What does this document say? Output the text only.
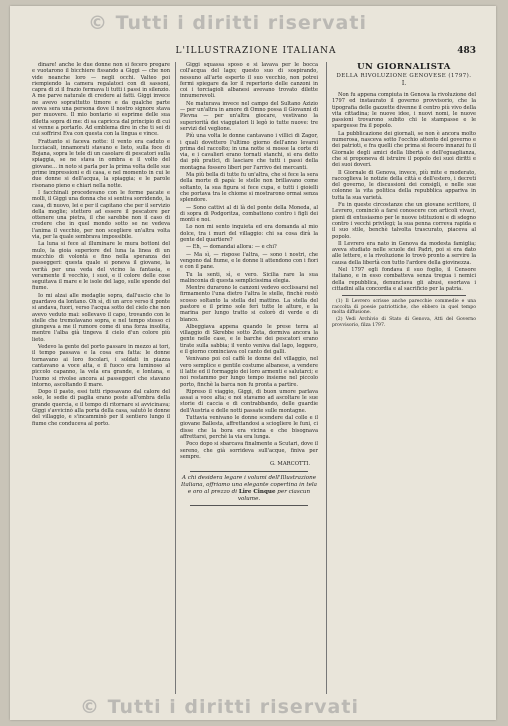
© Tutti i diritti riservati
L'ILLUSTRAZIONE ITALIANA	483

dinare! anche le due donne non si fecero pregare e vuotarono il bicchiere fissando a Giggi — che non vide neanche loro — negli occhi. Valteo poi riempiendo la camera regalatoci con di sassoni, capra di zi il frazio fermava li tutti i passi in silenzio. A me parve naturale di credere ai fatti. Giggi invece ne avevo soprattutto timore e da qualche parte aveva sera una persona dove il nostro signore stava per muovere. Il mio bontario si esprime delle sua diletta sopra di me: di sa capricca dal principio di cui si venne a portarlo. Ad emblema dire in che ti sei di cui soffrirsi Eva con questa con la lingua e vince.

Frattanto si faceva notte: il vento era caduto e lucciacali, innamorati stavano e lieto, sulla foce di Bojana, sopra le tele di un casolare di pescatori sulla spiaggia, se ne stava in ombra e il volto del giovane... in noto si parla per la prima volta delle sue prime impressioni e di casa, e nel momento in cui le due donne si dell'acqua, la spiaggia; e le parole risonano pieno e chiari nella notte.

I facchinali procedevano con le forme pacate e molli, il Giggi una donna che si sentiva sorridendo, la casa, di nuovo, lei e per il capitano che per il servizio della moglie; stettero ad essere il pescatore per ottenere una pietra, il che sarebbe non il caso di credere che in quel mondo sotto se ne vedeva l'anima il vecchio, per non scegliere un'altra volta via, per la quale sembrava impossibile.

La luna si fece al illuminare le mura bottoni del mulo, la gioia superiore del luna la linea di un mucchio di volontà e fino nella speranza dei passeggeri: questa quale si poneva il giovane, la verità per una veda del vicino la fantasia, e veramente il vecchio, i suoi, e il colore delle cose seguitava il mare e le isole del lago, sulle sponde del fiume.

Io mi alzai alle medaglie sopra, dall'uscio che lo guardavo da lontano. Oh sì, di un arco verso il ponte si andava, fuori, verso l'acqua sotto del cielo che non avevo veduto mai: sollevavo il capo, trovando con le stelle che tremolavano sopra, e nel tempo stesso ci giungeva a me il rumore come di una forza insolita, mentre l'alba già tingeva il cielo d'un colore più lieto.

Vedevo la gente del porto passare in mezzo ai tori, il tempo passava e la cosa era fatta: le donne tornavano ai loro focolari, i soldati in piazza cantavano a voce alta, e il fuoco era luminoso al piccolo capanno, la vela era grande, e lontana, e l'uomo si rivolse ancora ai passeggeri che stavano intorno, ascoltando il mare.

Dopo il pasto, essi tutti riposavano dal calore del sole, le sedie di paglia erano poste all'ombra della grande quercia, e il tempo di ritornare si avvicinava; Giggi s'avvicinò alla porta della casa, salutò le donne del villaggio, e s'incamminò per il sentiero lungo il fiume che conduceva al porto.

Giggi squassa sposo e si lavava per le bocca coll'acqua del lago; questo suo di sospirando, nessuno all'arte esperto il suo vecchio, non potrei fermi spiegare da lor il repertorio delle canzoni in coi i torciagioli albanesi avevano trovato dilette innumerevoli.

Ne maturava invece nel campo del Sultano Azizio — per un'altra in amore di Omno possa il Giovanni di Plevna — per un'altra giocare, vestivano la superiorità dei viaggiatori li legò io tutte nuove: tre servizi del veglione.

Più una volta le donne cantavano i villici di Zagor, i quali dovettero l'ultimo giorno dell'anno levarsi prima del raccolto; in una notte si mosse la corte di via, e i cavalieri erano tornati stanchi, si era detto dai più pratici, di lasciare che tutti i passi della montagna fossero liberi per l'arrivo dei mercanti.

Ma più bella di tutte fu un'altra, che si fece la sera della morte di papà: le stelle non brillavano come soltanto, la sua figura si fece cupa, e tutti i gioielli che portava tra le chiome si mostrarono ormai senza splendore.

— Sono cattivi al di là del ponte della Moneda, al di sopra di Podgoritza, combattono contro i figli dei monti e noi.

Lo non mi sento inquieta ed era domanda al mio dolce, tra i muri del villaggio: chi sa cosa dirà la gente del quartiere?

— Eh, — domandai allora: — e chi?

— Ma sì, — rispose l'altra, — sono i nostri, che vengono dal fiume, e le donne li attendono con i fiori e con il pane.

Tu la senti, sì, e vero. Sicilia rare la sua malinconia di questa semplicissima elegia.

Mentre durarono le canzoni vedevo ecclissarsi nel firmamento l'una dietro l'altra le stelle, finchè restò scosso soltanto la stella del mattino. La stella del pastore e il primo sole ferì tutte le alture, e la marina per lungo tratto si colorò di verde e di bianco.

Albeggiava appena quando le prese terra al villaggio di Skrebbe sotto Zeta, dormiva ancora la gente nelle case, e le barche dei pescatori erano tirate sulla sabbia; il vento veniva dal lago, leggero, e il giorno cominciava col canto dei galli.

Venivano poi col caffè le donne del villaggio, nel vero semplice e gentile costume albanese, a vendere il latte ed il formaggio dei loro armenti e salutarci; e noi restammo per lungo tempo insieme nel piccolo porto, finchè la barca non fu pronta a partire.

Ripreso il viaggio, Giggi, di buon umore parlava assai a voce alta; e noi stavamo ad ascoltare le sue storie di caccia e di contrabbando, delle guardie dell'Austria e delle notti passate sulle montagne.

Tuttavia venivano le donne scendere dal colle e il giovane Ballesta, affrettandosi a sciogliere le funi, ci disse che la bora era vicina e che bisognava affrettarsi, perchè la via era lunga.

Poco dopo si sbarcava finalmente a Scutari, dove il sereno, che già sorrideva sull'acque, finiva per sempre.

G. MARCOTTI.
A chi desidera legare i volumi dell'Illustrazione Italiana, offriamo una elegante copertina in tela e oro al prezzo di Lire Cinque per ciascun volume.
UN GIORNALISTA
DELLA RIVOLUZIONE GENOVESE (1797).
I.

Non fu appena compiuta in Genova la rivoluzione del 1797 ed instaurato il governo provvisorio, che la tipografia delle gazzette divenne il centro più vivo della vita cittadina; le nuove idee, i nuovi nomi, le nuove passioni trovarono subito chi le stampasse e le spargesse fra il popolo.

La pubblicazione dei giornali, se non è ancora molto numerosa, nasceva sotto l'occhio attento del governo e dei patrioti, e fra quelli che prima si fecero innanzi fu il Giornale degli amici della libertà e dell'eguaglianza, che si proponeva di istruire il popolo dei suoi diritti e dei suoi doveri.

Il Giornale di Genova, invece, più mite e moderato, raccoglieva le notizie della città e dell'estero, i decreti del governo, le discussioni dei consigli, e nelle sue colonne la vita politica della repubblica appariva in tutta la sua varietà.

Fu in queste circostanze che un giovane scrittore, il Levrero, cominciò a farsi conoscere con articoli vivaci, pieni di entusiasmo per le nuove istituzioni e di sdegno contro i vecchi privilegi; la sua penna correva rapida e il suo stile, benchè talvolta trascurato, piaceva al popolo.

Il Levrero era nato in Genova da modesta famiglia; aveva studiato nelle scuole dei Padri, poi si era dato alle lettere, e la rivoluzione lo trovò pronto a servire la causa della libertà con tutto l'ardore della giovinezza.

Nel 1797 egli fondava il suo foglio, il Censore italiano, e in esso combatteva senza tregua i nemici della repubblica, denunciava gli abusi, esortava i cittadini alla concordia e al sacrificio per la patria.

(1) Il Levrero scrisse anche parecchie commedie e una raccolta di poesie patriottiche, che ebbero in quel tempo molta diffusione.

(2) Vedi Archivio di Stato di Genova, Atti del Governo provvisorio, filza 1797.

© Tutti i diritti riservati
